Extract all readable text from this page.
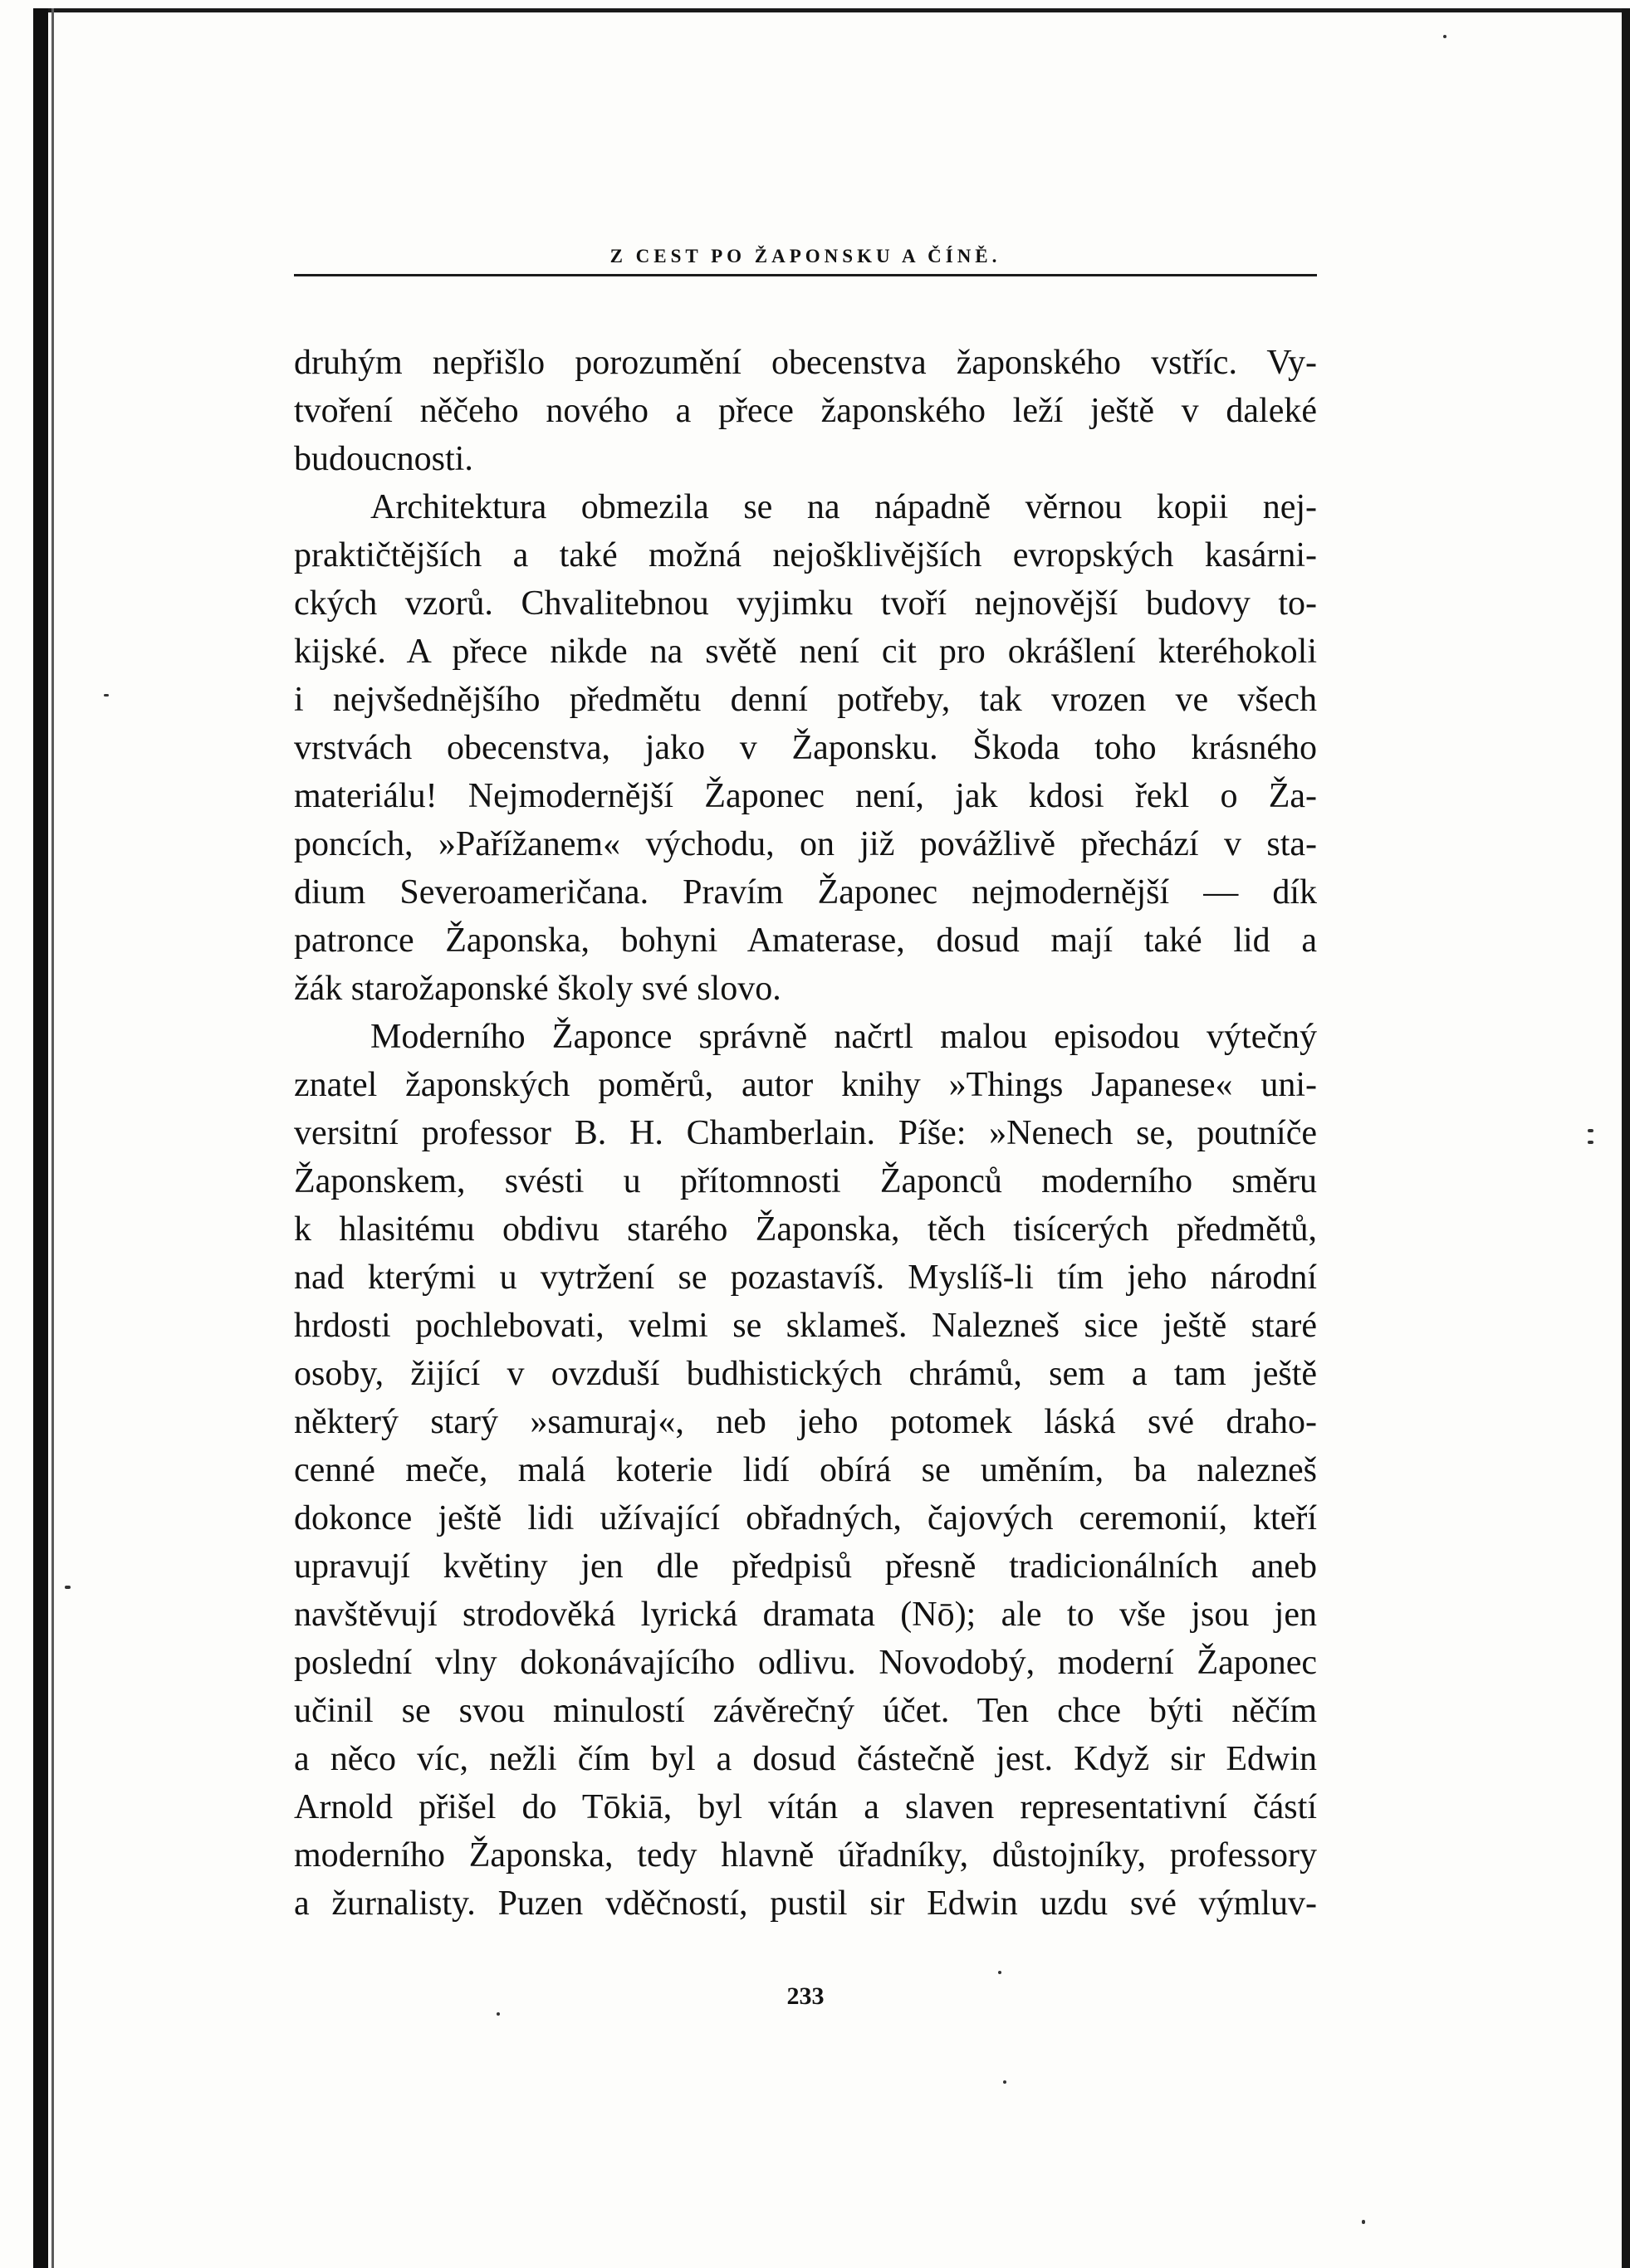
Z CEST PO ŽAPONSKU A ČÍNĚ.
druhým nepřišlo porozumění obecenstva žaponského vstříc. Vy-
tvoření něčeho nového a přece žaponského leží ještě v daleké
budoucnosti.
Architektura obmezila se na nápadně věrnou kopii nej-
praktičtějších a také možná nejošklivějších evropských kasárni-
ckých vzorů. Chvalitebnou vyjimku tvoří nejnovější budovy to-
kijské. A přece nikde na světě není cit pro okrášlení kteréhokoli
i nejvšednějšího předmětu denní potřeby, tak vrozen ve všech
vrstvách obecenstva, jako v Žaponsku. Škoda toho krásného
materiálu! Nejmodernější Žaponec není, jak kdosi řekl o Ža-
poncích, »Pařížanem« východu, on již povážlivě přechází v sta-
dium Severoameričana. Pravím Žaponec nejmodernější — dík
patronce Žaponska, bohyni Amaterase, dosud mají také lid a
žák starožaponské školy své slovo.
Moderního Žaponce správně načrtl malou episodou výtečný
znatel žaponských poměrů, autor knihy »Things Japanese« uni-
versitní professor B. H. Chamberlain. Píše: »Nenech se, poutníče
Žaponskem, svésti u přítomnosti Žaponců moderního směru
k hlasitému obdivu starého Žaponska, těch tisícerých předmětů,
nad kterými u vytržení se pozastavíš. Myslíš-li tím jeho národní
hrdosti pochlebovati, velmi se sklameš. Nalezneš sice ještě staré
osoby, žijící v ovzduší budhistických chrámů, sem a tam ještě
některý starý »samuraj«, neb jeho potomek láská své draho-
cenné meče, malá koterie lidí obírá se uměním, ba nalezneš
dokonce ještě lidi užívající obřadných, čajových ceremonií, kteří
upravují květiny jen dle předpisů přesně tradicionálních aneb
navštěvují strodověká lyrická dramata (Nō); ale to vše jsou jen
poslední vlny dokonávajícího odlivu. Novodobý, moderní Žaponec
učinil se svou minulostí závěrečný účet. Ten chce býti něčím
a něco víc, nežli čím byl a dosud částečně jest. Když sir Edwin
Arnold přišel do Tōkiā, byl vítán a slaven representativní částí
moderního Žaponska, tedy hlavně úřadníky, důstojníky, professory
a žurnalisty. Puzen vděčností, pustil sir Edwin uzdu své výmluv-
233
